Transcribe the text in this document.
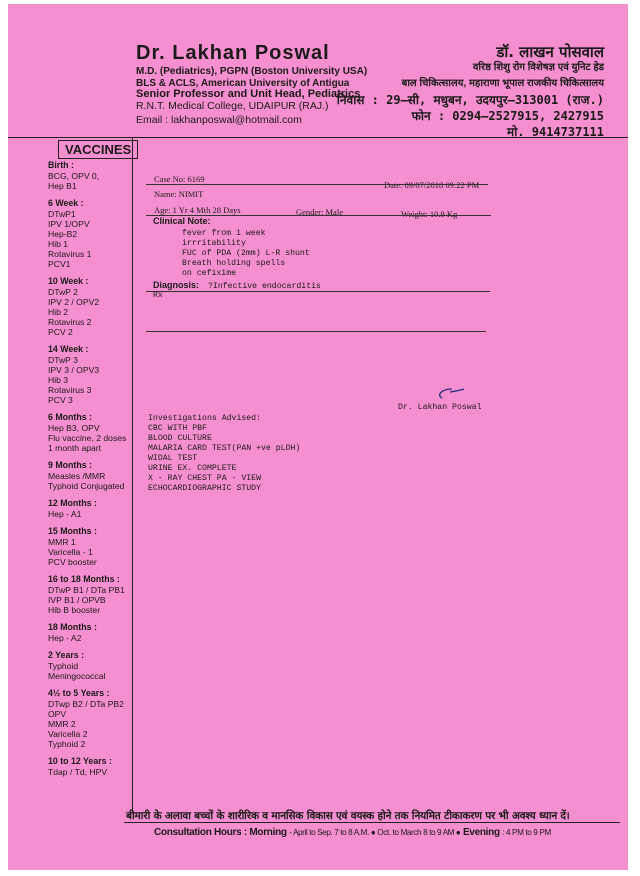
Dr. Lakhan Poswal
M.D. (Pediatrics), PGPN (Boston University USA)
BLS & ACLS, American University of Antigua
Senior Professor and Unit Head, Pediatrics
R.N.T. Medical College, UDAIPUR (RAJ.)
Email : lakhanposwal@hotmail.com
डॉ. लाखन पोसवाल
वरिष्ठ शिशु रोग विशेषज्ञ एवं युनिट हेड
बाल चिकित्सालय, महाराणा भूपाल राजकीय चिकित्सालय
निवास : 29–सी, मधुबन, उदयपुर–313001 (राज.)
फोन : 0294–2527915, 2427915
मो. 9414737111
VACCINES
Birth :
BCG, OPV 0,
Hep B1
6 Week :
DTwP1
IPV 1/OPV
Hep-B2
Hib 1
Rotavirus 1
PCV1
10 Week :
DTwP 2
IPV 2 / OPV2
Hib 2
Rotavirus 2
PCV 2
14 Week :
DTwP 3
IPV 3 / OPV3
Hib 3
Rotavirus 3
PCV 3
6 Months :
Hep B3, OPV
Flu vaccine, 2 doses
1 month apart
9 Months :
Measles /MMR
Typhoid Conjugated
12 Months :
Hep - A1
15 Months :
MMR 1
Varicella - 1
PCV booster
16 to 18 Months :
DTwP B1 / DTa PB1
IVP B1 / OPVB
Hib B booster
18 Months :
Hep - A2
2 Years :
Typhoid
Meningococcal
4½ to 5 Years :
DTwp B2 / DTa PB2
OPV
MMR 2
Varicella 2
Typhoid 2
10 to 12 Years :
Tdap / Td, HPV
Case No: 6169
Date: 09/07/2018 09:22 PM
Name: NIMIT
Age: 1 Yr 4 Mth 28 Days	Gender: Male	Weight: 10.9 Kg
Clinical Note:
fever from 1 week
irrritability
FUC of PDA (2mm) L-R shunt
Breath holding spells
on cefixime
Diagnosis: ?Infective endocarditis
Rx
Dr. Lakhan Poswal
Investigations Advised:
CBC WITH PBF
BLOOD CULTURE
MALARIA CARD TEST(PAN +ve pLDH)
WIDAL TEST
URINE EX. COMPLETE
X - RAY CHEST PA - VIEW
ECHOCARDIOGRAPHIC STUDY
बीमारी के अलावा बच्चों के शारीरिक व मानसिक विकास एवं वयस्क होने तक नियमित टीकाकरण पर भी अवश्य ध्यान दें।
Consultation Hours : Morning - April to Sep. 7 to 8 A.M. ● Oct. to March 8 to 9 AM ● Evening : 4 PM to 9 PM
